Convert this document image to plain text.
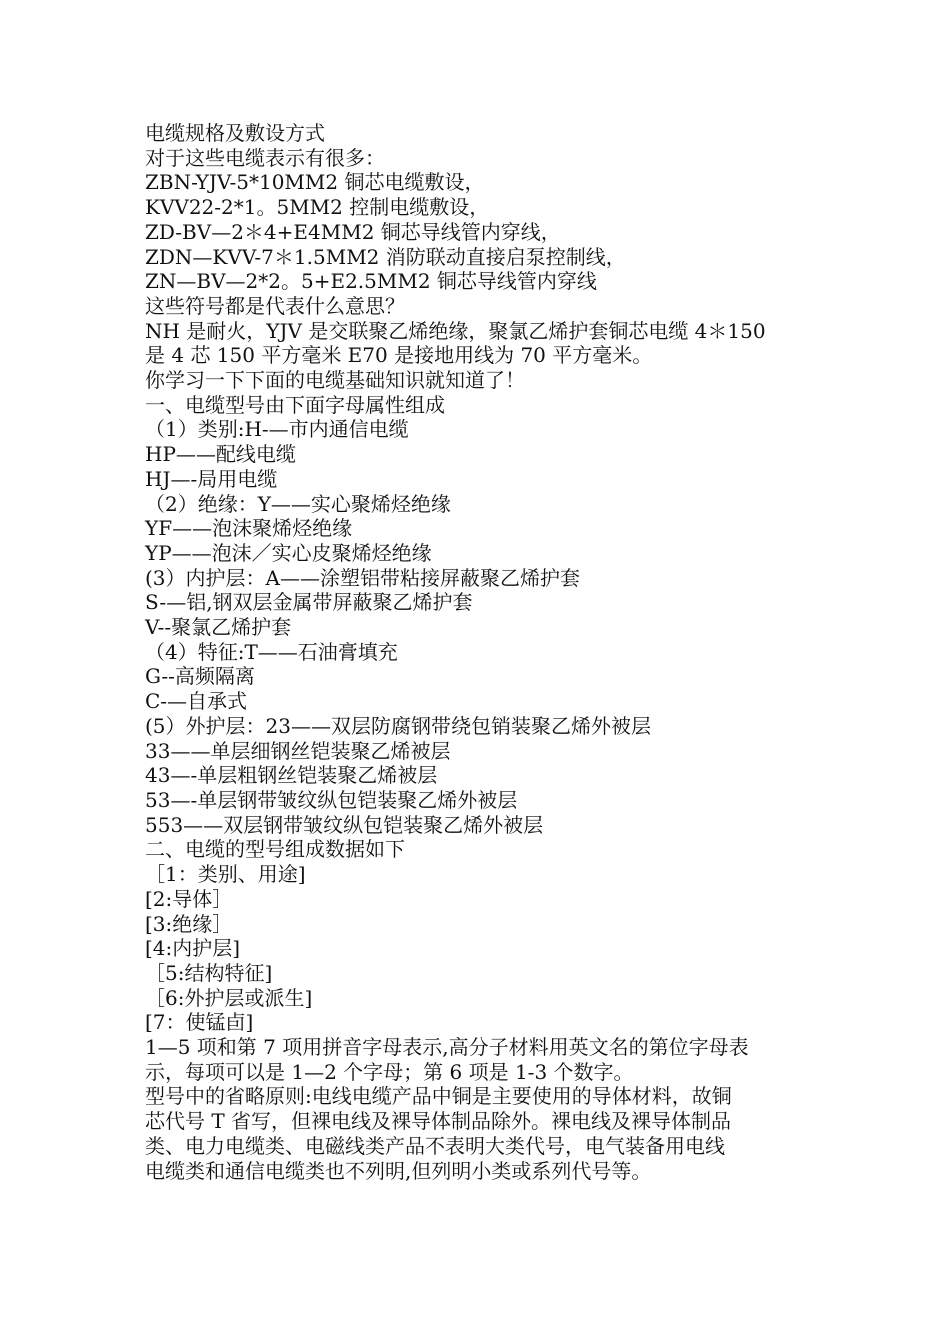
电缆规格及敷设方式
对于这些电缆表示有很多：
ZBN-YJV-5*10MM2 铜芯电缆敷设，
KVV22-2*1。5MM2 控制电缆敷设，
ZD-BV—2＊4+E4MM2 铜芯导线管内穿线，
ZDN—KVV-7＊1.5MM2 消防联动直接启泵控制线，
ZN—BV—2*2。5+E2.5MM2 铜芯导线管内穿线
这些符号都是代表什么意思？
NH 是耐火，YJV 是交联聚乙烯绝缘，聚氯乙烯护套铜芯电缆 4＊150
是 4 芯 150 平方毫米 E70 是接地用线为 70 平方毫米。
你学习一下下面的电缆基础知识就知道了！
一、电缆型号由下面字母属性组成
（1）类别:H-—市内通信电缆
HP——配线电缆
HJ—-局用电缆
（2）绝缘：Y——实心聚烯烃绝缘
YF——泡沫聚烯烃绝缘
YP——泡沫／实心皮聚烯烃绝缘
(3）内护层：A——涂塑铝带粘接屏蔽聚乙烯护套
S-—铝,钢双层金属带屏蔽聚乙烯护套
V--聚氯乙烯护套
（4）特征:T——石油膏填充
G--高频隔离
C-—自承式
(5）外护层：23——双层防腐钢带绕包销装聚乙烯外被层
33——单层细钢丝铠装聚乙烯被层
43—-单层粗钢丝铠装聚乙烯被层
53—-单层钢带皱纹纵包铠装聚乙烯外被层
553——双层钢带皱纹纵包铠装聚乙烯外被层
二、电缆的型号组成数据如下
［1：类别、用途]
[2:导体］
[3:绝缘］
[4:内护层]
［5:结构特征]
［6:外护层或派生]
[7：使锰卣]
1—5 项和第 7 项用拼音字母表示,高分子材料用英文名的第位字母表
示，每项可以是 1—2 个字母；第 6 项是 1-3 个数字。
型号中的省略原则:电线电缆产品中铜是主要使用的导体材料，故铜
芯代号 T 省写，但裸电线及裸导体制品除外。裸电线及裸导体制品
类、电力电缆类、电磁线类产品不表明大类代号，电气装备用电线
电缆类和通信电缆类也不列明,但列明小类或系列代号等。
